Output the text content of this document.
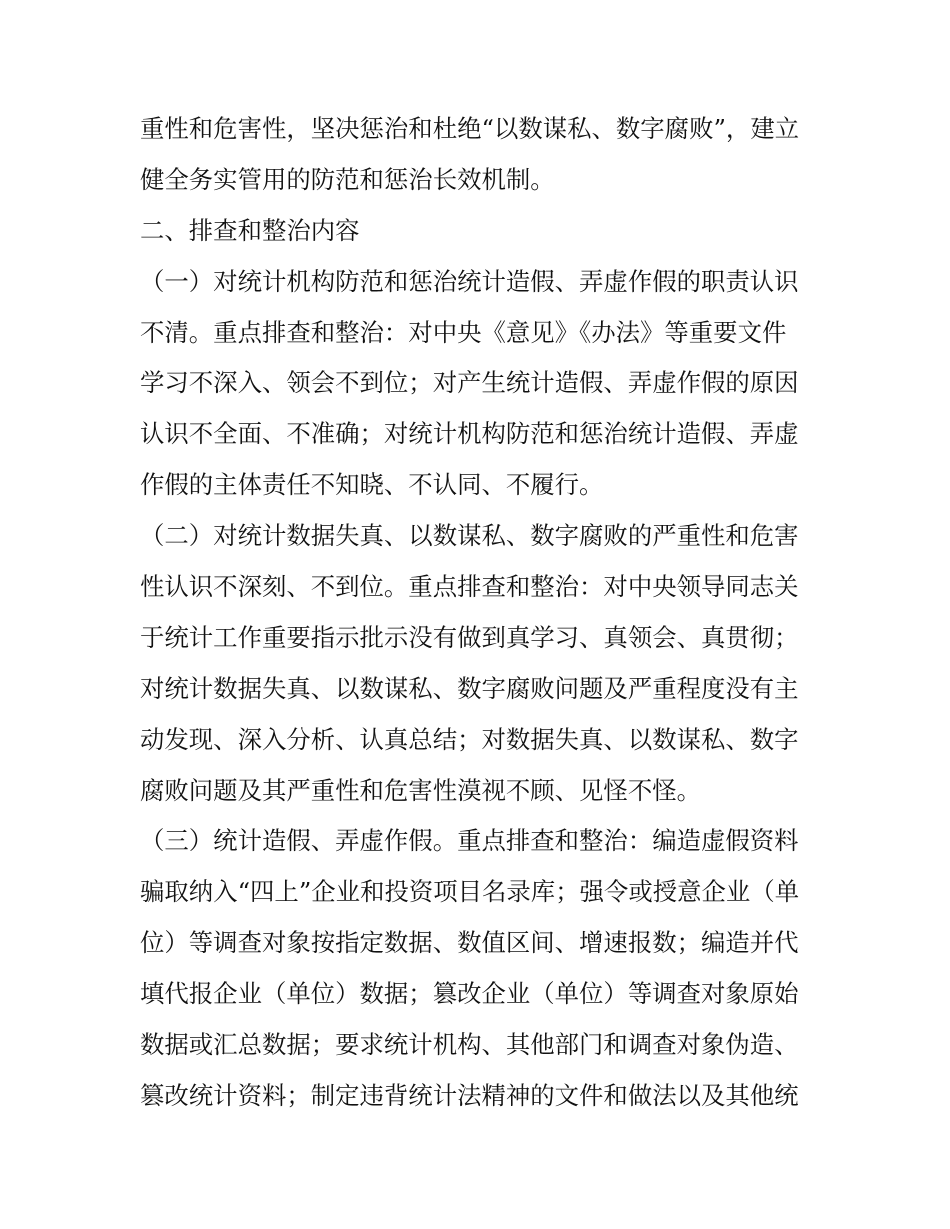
重性和危害性，坚决惩治和杜绝“以数谋私、数字腐败”，建立
健全务实管用的防范和惩治长效机制。
二、排查和整治内容
（一）对统计机构防范和惩治统计造假、弄虚作假的职责认识
不清。重点排查和整治：对中央《意见》《办法》等重要文件
学习不深入、领会不到位；对产生统计造假、弄虚作假的原因
认识不全面、不准确；对统计机构防范和惩治统计造假、弄虚
作假的主体责任不知晓、不认同、不履行。
（二）对统计数据失真、以数谋私、数字腐败的严重性和危害
性认识不深刻、不到位。重点排查和整治：对中央领导同志关
于统计工作重要指示批示没有做到真学习、真领会、真贯彻；
对统计数据失真、以数谋私、数字腐败问题及严重程度没有主
动发现、深入分析、认真总结；对数据失真、以数谋私、数字
腐败问题及其严重性和危害性漠视不顾、见怪不怪。
（三）统计造假、弄虚作假。重点排查和整治：编造虚假资料
骗取纳入“四上”企业和投资项目名录库；强令或授意企业（单
位）等调查对象按指定数据、数值区间、增速报数；编造并代
填代报企业（单位）数据；篡改企业（单位）等调查对象原始
数据或汇总数据；要求统计机构、其他部门和调查对象伪造、
篡改统计资料；制定违背统计法精神的文件和做法以及其他统
